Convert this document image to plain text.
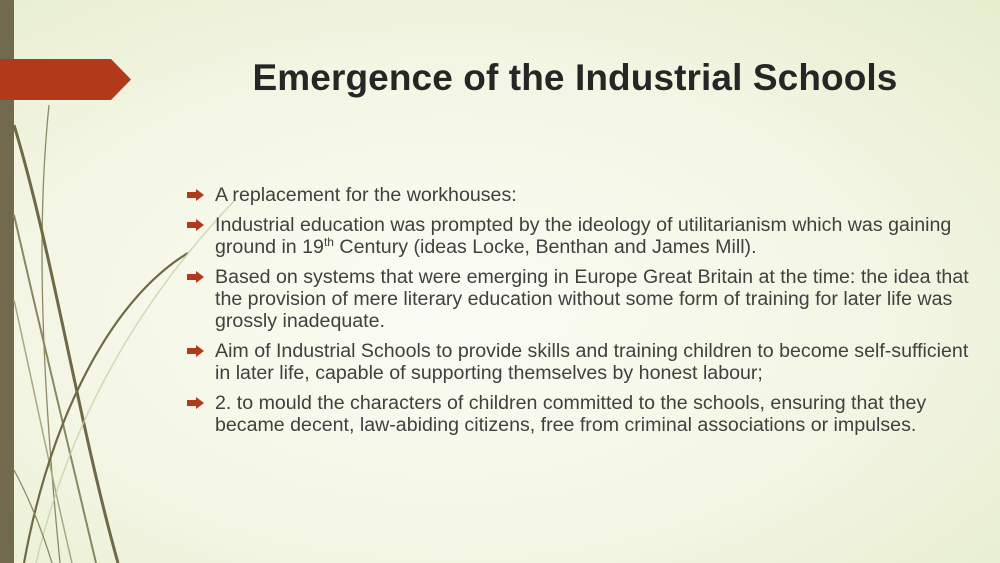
Emergence of the Industrial Schools
A replacement for the workhouses:
Industrial education was prompted by the ideology of utilitarianism which was gaining ground in 19th Century (ideas Locke, Benthan and James Mill).
Based on systems that were emerging in Europe Great Britain at the time: the idea that the provision of mere literary education without some form of training for later life was grossly inadequate.
Aim of Industrial Schools to provide skills and training children to become self-sufficient in later life, capable of supporting themselves by honest labour;
2. to mould the characters of children committed to the schools, ensuring that they became decent, law-abiding citizens, free from criminal associations or impulses.
